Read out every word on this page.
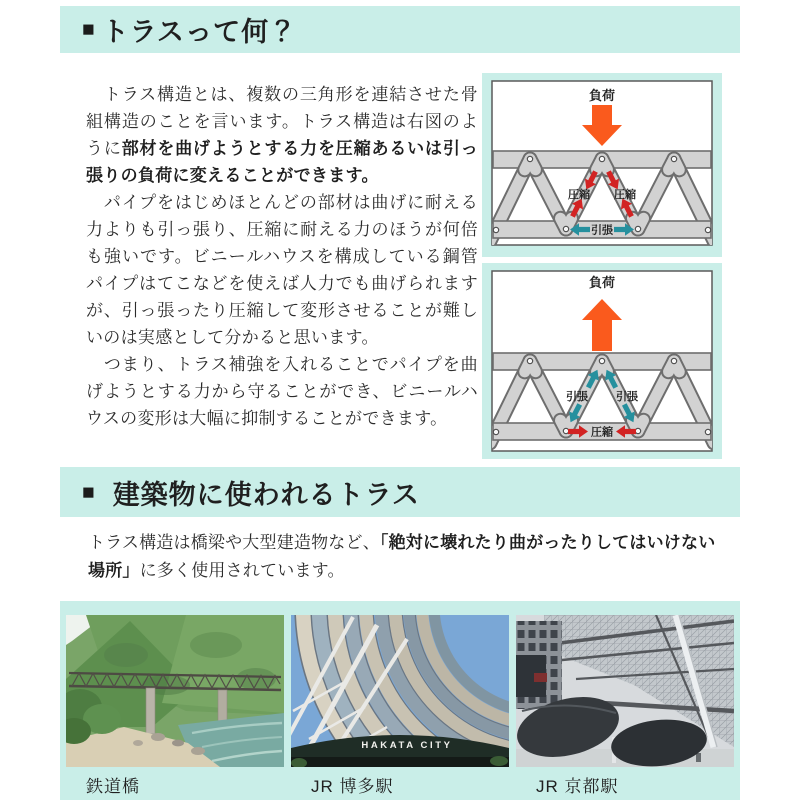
■ トラスって何？

　トラス構造とは、複数の三角形を連結させた骨組構造のことを言います。トラス構造は右図のように部材を曲げようとする力を圧縮あるいは引っ張りの負荷に変えることができます。

　パイプをはじめほとんどの部材は曲げに耐える力よりも引っ張り、圧縮に耐える力のほうが何倍も強いです。ビニールハウスを構成している鋼管パイプはてこなどを使えば人力でも曲げられますが、引っ張ったり圧縮して変形させることが難しいのは実感として分かると思います。

　つまり、トラス補強を入れることでパイプを曲げようとする力から守ることができ、ビニールハウスの変形は大幅に抑制することができます。

負荷
圧縮 圧縮
引張
負荷
引張	引張
圧縮
■ 建築物に使われるトラス

トラス構造は橋梁や大型建造物など、「絶対に壊れたり曲がったりしてはいけない場所」に多く使用されています。

鉄道橋
HAKATA CITY
JR 博多駅	JR 京都駅
